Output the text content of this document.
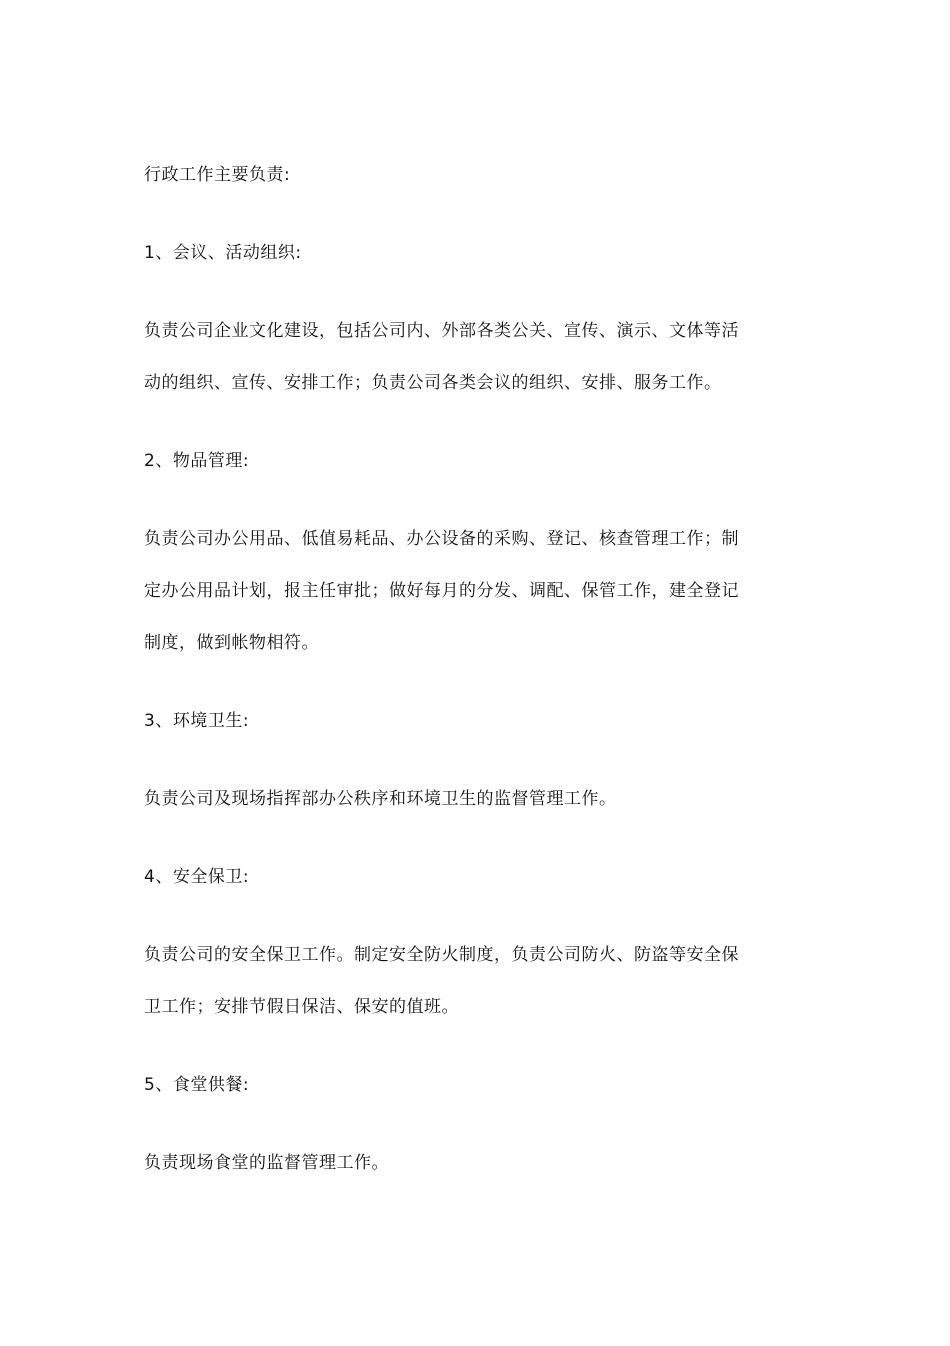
行政工作主要负责:

1、会议、活动组织:

负责公司企业文化建设，包括公司内、外部各类公关、宣传、演示、文体等活
动的组织、宣传、安排工作；负责公司各类会议的组织、安排、服务工作。

2、物品管理:

负责公司办公用品、低值易耗品、办公设备的采购、登记、核查管理工作；制
定办公用品计划，报主任审批；做好每月的分发、调配、保管工作，建全登记
制度，做到帐物相符。

3、环境卫生:

负责公司及现场指挥部办公秩序和环境卫生的监督管理工作。

4、安全保卫:

负责公司的安全保卫工作。制定安全防火制度，负责公司防火、防盗等安全保
卫工作；安排节假日保洁、保安的值班。

5、食堂供餐:

负责现场食堂的监督管理工作。
